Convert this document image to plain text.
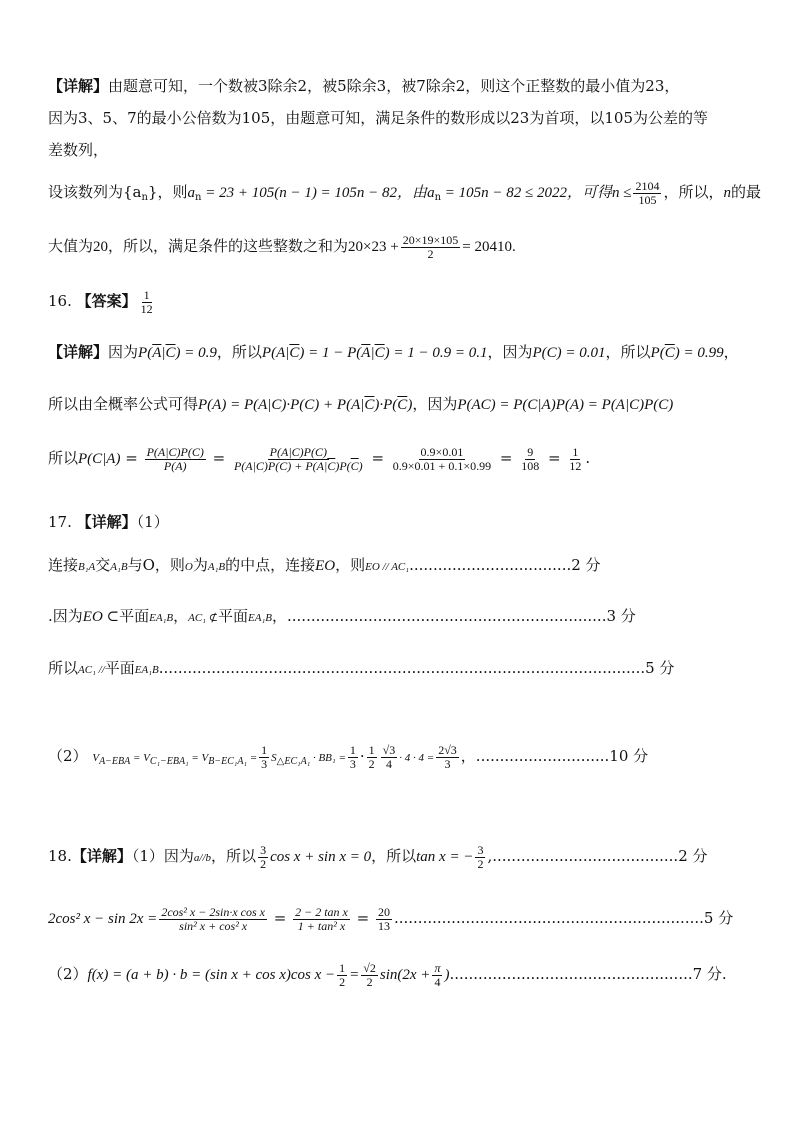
【详解】由题意可知，一个数被3除余2，被5除余3，被7除余2，则这个正整数的最小值为23，
因为3、5、7的最小公倍数为105，由题意可知，满足条件的数形成以23为首项，以105为公差的等
差数列，
设该数列为$\{a_n\}$，则$a_n = 23 + 105(n - 1) = 105n - 82$，由$a_n = 105n - 82 \le 2022$，可得$n \le \frac{2104}{105}$ ，所以，n的最
大值为20，所以，满足条件的这些整数之和为$20\times 23 + \frac{20\times 19\times 105}{2} = 20410$.
16. 【答案】 $\frac{1}{12}$
【详解】因为$P(\overline{A}|\overline{C}) = 0.9$，所以$P(A|\overline{C}) = 1 - P(\overline{A}|\overline{C}) = 1 - 0.9 = 0.1$，因为P(C) = 0.01，所以$P(\overline{C}) = 0.99$，
所以由全概率公式可得$P(A) = P(A|C)\cdot P(C) + P(A|\overline{C})\cdot P(\overline{C})$，因为P(AC) = P(C|A)P(A) = P(A|C)P(C)
所以$P(C|A) = \frac{P(A|C)P(C)}{P(A)} = \frac{P(A|C)P(C)}{P(A|C)P(C) + P(A|\overline{C})P(\overline{C})} = \frac{0.9\times 0.01}{0.9\times 0.01 + 0.1\times 0.99} = \frac{9}{108} = \frac{1}{12}$ .
17. 【详解】（1）
连接B₁A交A₁B与O，则O为A₁B的中点，连接EO，则EO // AC₁..................................2 分
.因为EO ⊂平面EA₁B，AC₁ ⊄平面EA₁B，...................................................................3 分
所以AC₁ //平面EA₁B......................................................................................................5 分
（2） $V_{A-EBA} = V_{C_1-EBA_1} = V_{B-EC_1A_1} = \frac{1}{3} S_{\triangle EC_1A_1} \cdot BB_1 = \frac{1}{3} \cdot \frac{1}{2} \frac{√3}{4} \cdot 4 \cdot 4 = \frac{2√3}{3}$ ，............................10 分
18.【详解】（1）因为a//b，所以 $\frac{3}{2}$ cos x + sin x = 0，所以tan x = − $\frac{3}{2} ,.......................................2$ 分
2cos² $x - \sin 2x = \frac{\text{2cos² x − 2sin·x cos x}}{\text{sin² x + cos² x}} = \frac{\text{2 − 2 tan x}}{\text{1 + tan² x}} = \frac{20}{13} .................................................................5$ 分
（2）f(x) = (a + b) · b = (sin x + cos x)cos $x - \frac{1}{2} = \frac{√2}{2} \sin(2x + \frac{\pi}{4} )...................................................7$ 分.
